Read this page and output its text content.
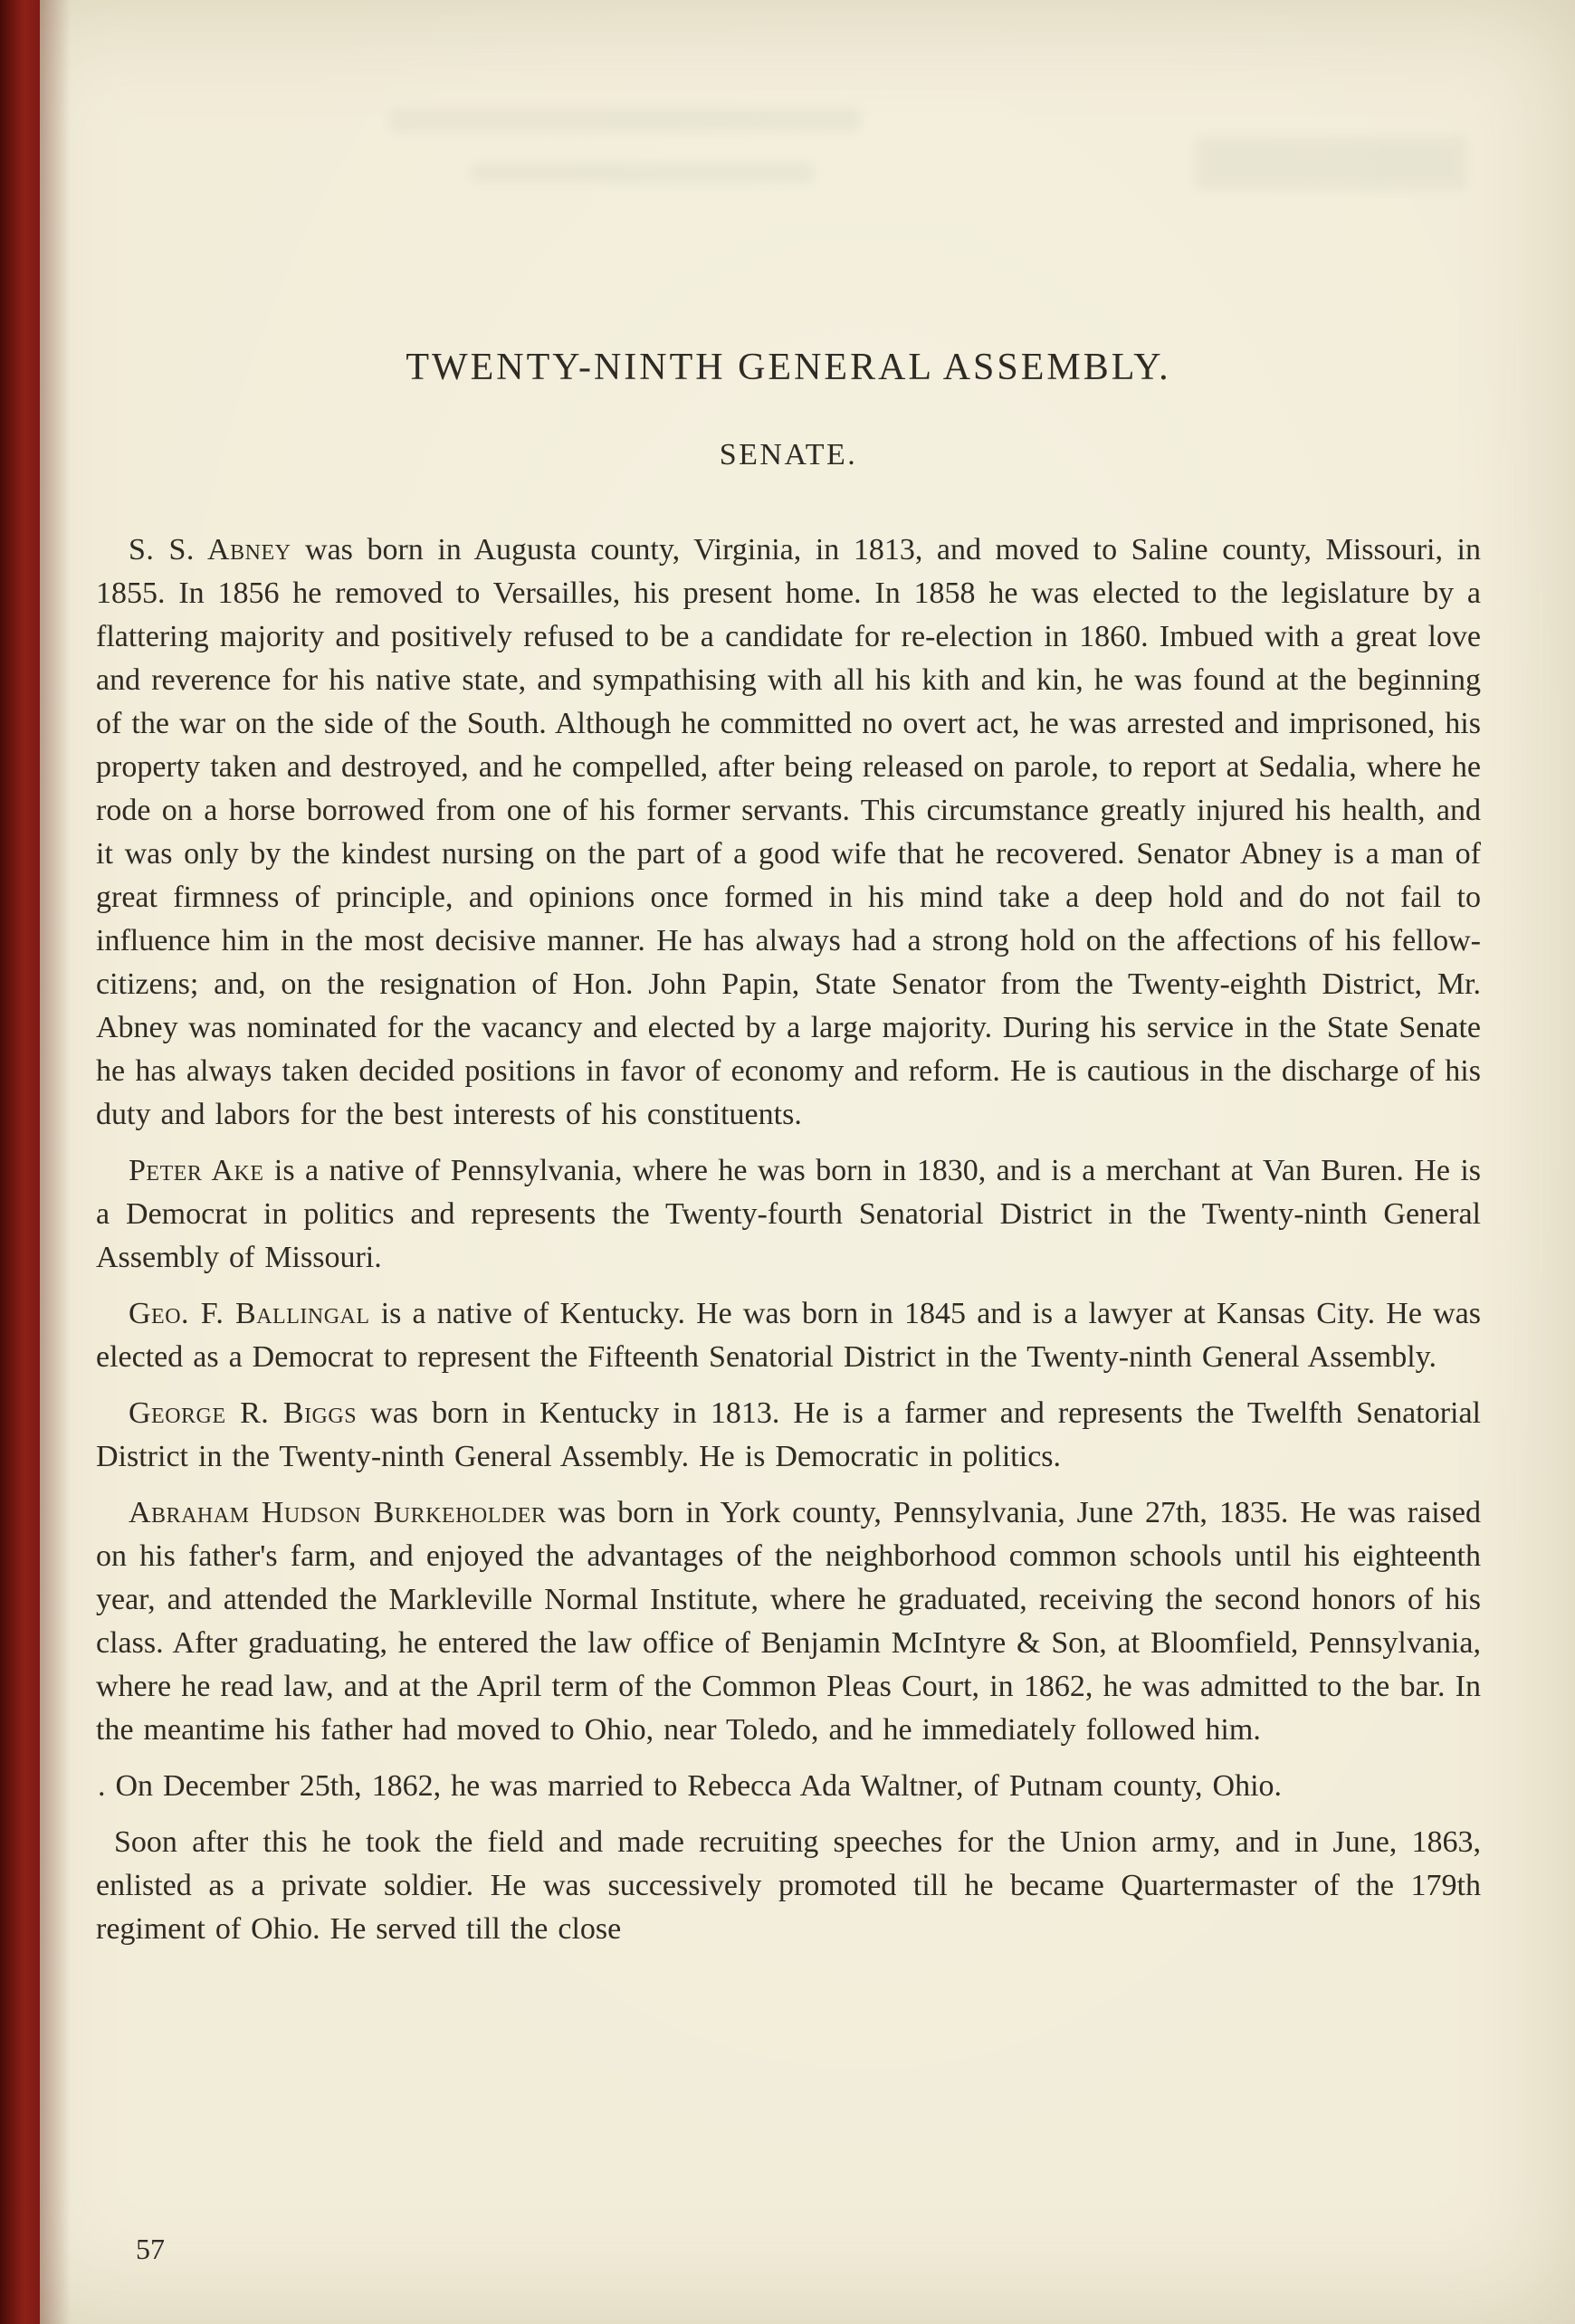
TWENTY-NINTH GENERAL ASSEMBLY.
SENATE.

S. S. Abney was born in Augusta county, Virginia, in 1813, and moved to Saline county, Missouri, in 1855. In 1856 he removed to Versailles, his present home. In 1858 he was elected to the legislature by a flattering majority and positively refused to be a candidate for re-election in 1860. Imbued with a great love and reverence for his native state, and sympathising with all his kith and kin, he was found at the beginning of the war on the side of the South. Although he committed no overt act, he was arrested and imprisoned, his property taken and destroyed, and he compelled, after being released on parole, to report at Sedalia, where he rode on a horse borrowed from one of his former servants. This circumstance greatly injured his health, and it was only by the kindest nursing on the part of a good wife that he recovered. Senator Abney is a man of great firmness of principle, and opinions once formed in his mind take a deep hold and do not fail to influence him in the most decisive manner. He has always had a strong hold on the affections of his fellow-citizens; and, on the resignation of Hon. John Papin, State Senator from the Twenty-eighth District, Mr. Abney was nominated for the vacancy and elected by a large majority. During his service in the State Senate he has always taken decided positions in favor of economy and reform. He is cautious in the discharge of his duty and labors for the best interests of his constituents.

Peter Ake is a native of Pennsylvania, where he was born in 1830, and is a merchant at Van Buren. He is a Democrat in politics and represents the Twenty-fourth Senatorial District in the Twenty-ninth General Assembly of Missouri.

Geo. F. Ballingal is a native of Kentucky. He was born in 1845 and is a lawyer at Kansas City. He was elected as a Democrat to represent the Fifteenth Senatorial District in the Twenty-ninth General Assembly.

George R. Biggs was born in Kentucky in 1813. He is a farmer and represents the Twelfth Senatorial District in the Twenty-ninth General Assembly. He is Democratic in politics.

Abraham Hudson Burkeholder was born in York county, Pennsylvania, June 27th, 1835. He was raised on his father's farm, and enjoyed the advantages of the neighborhood common schools until his eighteenth year, and attended the Markleville Normal Institute, where he graduated, receiving the second honors of his class. After graduating, he entered the law office of Benjamin McIntyre & Son, at Bloomfield, Pennsylvania, where he read law, and at the April term of the Common Pleas Court, in 1862, he was admitted to the bar. In the meantime his father had moved to Ohio, near Toledo, and he immediately followed him.

. On December 25th, 1862, he was married to Rebecca Ada Waltner, of Putnam county, Ohio.

Soon after this he took the field and made recruiting speeches for the Union army, and in June, 1863, enlisted as a private soldier. He was successively promoted till he became Quartermaster of the 179th regiment of Ohio. He served till the close

57
